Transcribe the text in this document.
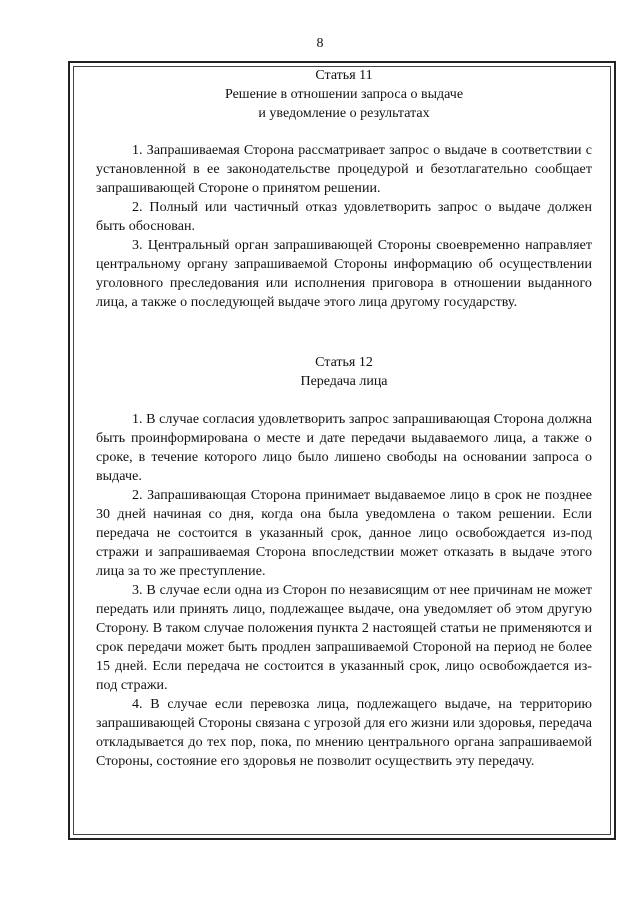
8

Статья 11

Решение в отношении запроса о выдаче

и уведомление о результатах

1. Запрашиваемая Сторона рассматривает запрос о выдаче в соответствии с установленной в ее законодательстве процедурой и безотлагательно сообщает запрашивающей Стороне о принятом решении.

2. Полный или частичный отказ удовлетворить запрос о выдаче должен быть обоснован.

3. Центральный орган запрашивающей Стороны своевременно направляет центральному органу запрашиваемой Стороны информацию об осуществлении уголовного преследования или исполнения приговора в отношении выданного лица, а также о последующей выдаче этого лица другому государству.

Статья 12

Передача лица

1. В случае согласия удовлетворить запрос запрашивающая Сторона должна быть проинформирована о месте и дате передачи выдаваемого лица, а также о сроке, в течение которого лицо было лишено свободы на основании запроса о выдаче.

2. Запрашивающая Сторона принимает выдаваемое лицо в срок не позднее 30 дней начиная со дня, когда она была уведомлена о таком решении. Если передача не состоится в указанный срок, данное лицо освобождается из-под стражи и запрашиваемая Сторона впоследствии может отказать в выдаче этого лица за то же преступление.

3. В случае если одна из Сторон по независящим от нее причинам не может передать или принять лицо, подлежащее выдаче, она уведомляет об этом другую Сторону. В таком случае положения пункта 2 настоящей статьи не применяются и срок передачи может быть продлен запрашиваемой Стороной на период не более 15 дней. Если передача не состоится в указанный срок, лицо освобождается из-под стражи.

4. В случае если перевозка лица, подлежащего выдаче, на территорию запрашивающей Стороны связана с угрозой для его жизни или здоровья, передача откладывается до тех пор, пока, по мнению центрального органа запрашиваемой Стороны, состояние его здоровья не позволит осуществить эту передачу.
